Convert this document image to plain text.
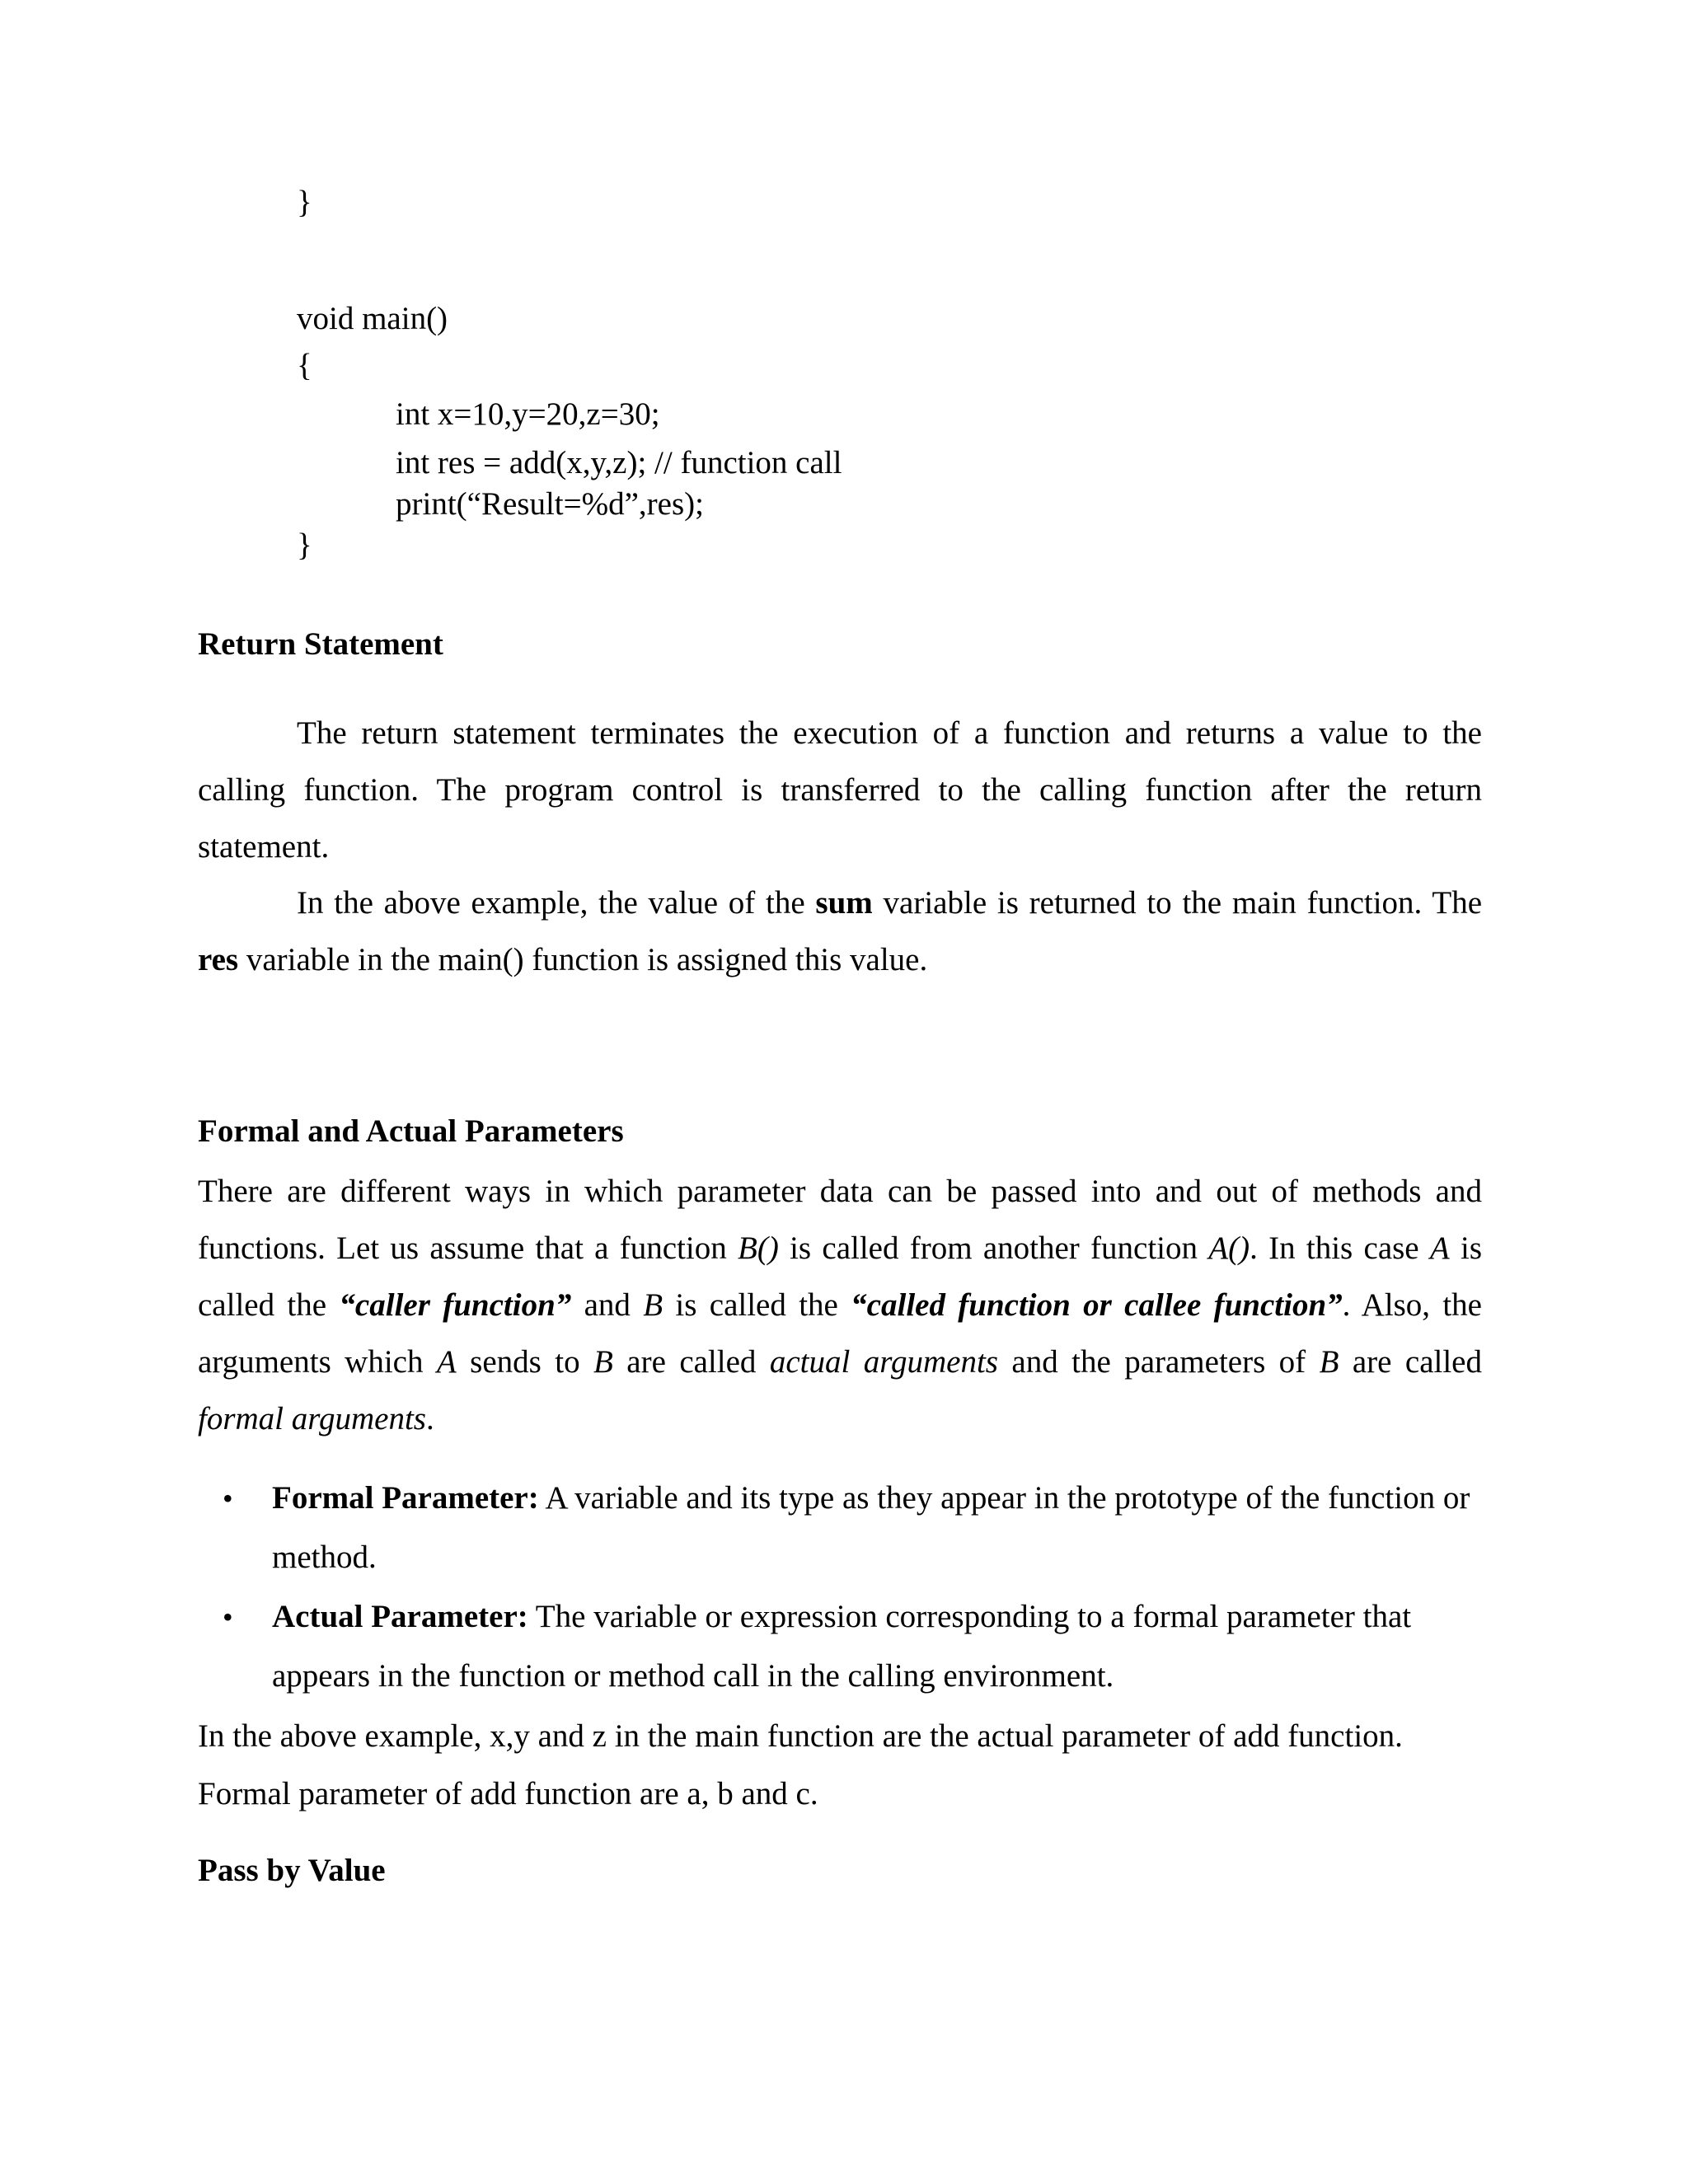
}
void main()
{
int x=10,y=20,z=30;
int res = add(x,y,z); // function call
print(“Result=%d”,res);
}
Return Statement
The return statement terminates the execution of a function and returns a value to the calling function. The program control is transferred to the calling function after the return statement.
In the above example, the value of the sum variable is returned to the main function. The res variable in the main() function is assigned this value.
Formal and Actual Parameters
There are different ways in which parameter data can be passed into and out of methods and functions. Let us assume that a function B() is called from another function A(). In this case A is called the “caller function” and B is called the “called function or callee function”. Also, the arguments which A sends to B are called actual arguments and the parameters of B are called formal arguments.
•	Formal Parameter: A variable and its type as they appear in the prototype of the function or method.
•	Actual Parameter: The variable or expression corresponding to a formal parameter that appears in the function or method call in the calling environment.
In the above example, x,y and z in the main function are the actual parameter of add function.
Formal parameter of add function are a, b and c.
Pass by Value
